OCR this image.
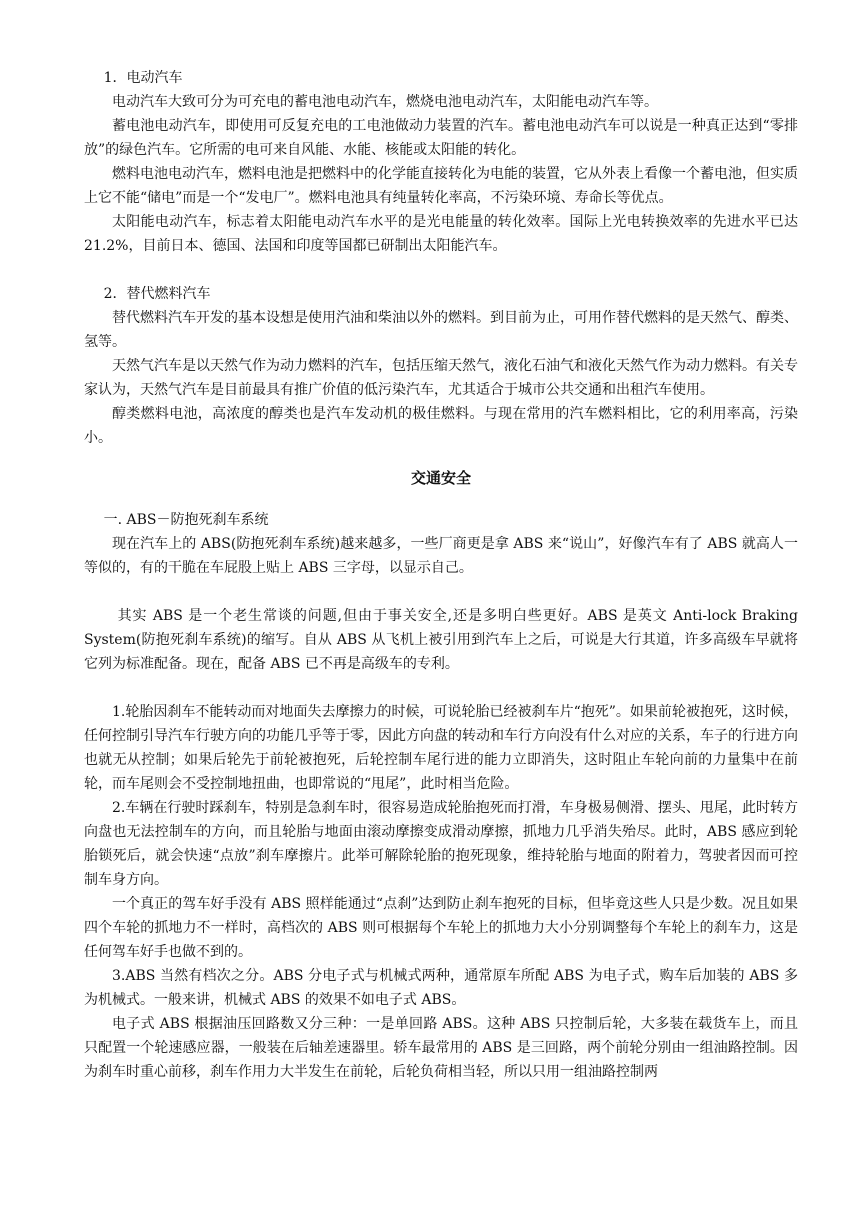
1．电动汽车

电动汽车大致可分为可充电的蓄电池电动汽车，燃烧电池电动汽车，太阳能电动汽车等。

蓄电池电动汽车，即使用可反复充电的工电池做动力装置的汽车。蓄电池电动汽车可以说是一种真正达到“零排放”的绿色汽车。它所需的电可来自风能、水能、核能或太阳能的转化。

燃料电池电动汽车，燃料电池是把燃料中的化学能直接转化为电能的装置，它从外表上看像一个蓄电池，但实质上它不能“储电”而是一个“发电厂”。燃料电池具有纯量转化率高，不污染环境、寿命长等优点。

太阳能电动汽车，标志着太阳能电动汽车水平的是光电能量的转化效率。国际上光电转换效率的先进水平已达 21.2%，目前日本、德国、法国和印度等国都已研制出太阳能汽车。

2．替代燃料汽车

替代燃料汽车开发的基本设想是使用汽油和柴油以外的燃料。到目前为止，可用作替代燃料的是天然气、醇类、氢等。

天然气汽车是以天然气作为动力燃料的汽车，包括压缩天然气，液化石油气和液化天然气作为动力燃料。有关专家认为，天然气汽车是目前最具有推广价值的低污染汽车，尤其适合于城市公共交通和出租汽车使用。

醇类燃料电池，高浓度的醇类也是汽车发动机的极佳燃料。与现在常用的汽车燃料相比，它的利用率高，污染小。

交通安全

一. ABS－防抱死刹车系统

现在汽车上的 ABS(防抱死刹车系统)越来越多，一些厂商更是拿 ABS 来“说山”，好像汽车有了 ABS 就高人一等似的，有的干脆在车屁股上贴上 ABS 三字母，以显示自己。

其实 ABS 是一个老生常谈的问题,但由于事关安全,还是多明白些更好。ABS 是英文 Anti-lock Braking System(防抱死刹车系统)的缩写。自从 ABS 从飞机上被引用到汽车上之后，可说是大行其道，许多高级车早就将它列为标准配备。现在，配备 ABS 已不再是高级车的专利。

1.轮胎因刹车不能转动而对地面失去摩擦力的时候，可说轮胎已经被刹车片“抱死”。如果前轮被抱死，这时候，任何控制引导汽车行驶方向的功能几乎等于零，因此方向盘的转动和车行方向没有什么对应的关系，车子的行进方向也就无从控制；如果后轮先于前轮被抱死，后轮控制车尾行进的能力立即消失，这时阻止车轮向前的力量集中在前轮，而车尾则会不受控制地扭曲，也即常说的“甩尾”，此时相当危险。

2.车辆在行驶时踩刹车，特别是急刹车时，很容易造成轮胎抱死而打滑，车身极易侧滑、摆头、甩尾，此时转方向盘也无法控制车的方向，而且轮胎与地面由滚动摩擦变成滑动摩擦，抓地力几乎消失殆尽。此时，ABS 感应到轮胎锁死后，就会快速“点放”刹车摩擦片。此举可解除轮胎的抱死现象，维持轮胎与地面的附着力，驾驶者因而可控制车身方向。

一个真正的驾车好手没有 ABS 照样能通过“点刹”达到防止刹车抱死的目标，但毕竟这些人只是少数。况且如果四个车轮的抓地力不一样时，高档次的 ABS 则可根据每个车轮上的抓地力大小分别调整每个车轮上的刹车力，这是任何驾车好手也做不到的。

3.ABS 当然有档次之分。ABS 分电子式与机械式两种，通常原车所配 ABS 为电子式，购车后加装的 ABS 多为机械式。一般来讲，机械式 ABS 的效果不如电子式 ABS。

电子式 ABS 根据油压回路数又分三种：一是单回路 ABS。这种 ABS 只控制后轮，大多装在载货车上，而且只配置一个轮速感应器，一般装在后轴差速器里。轿车最常用的 ABS 是三回路，两个前轮分别由一组油路控制。因为刹车时重心前移，刹车作用力大半发生在前轮，后轮负荷相当轻，所以只用一组油路控制两
